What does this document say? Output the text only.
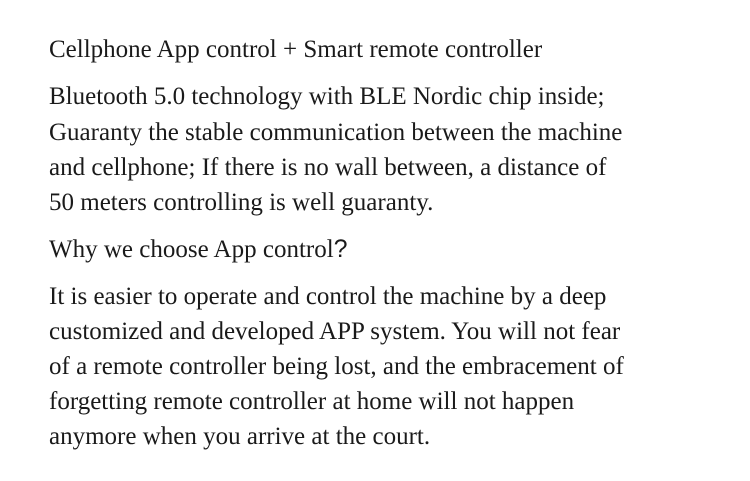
Cellphone App control + Smart remote controller
Bluetooth 5.0 technology with BLE Nordic chip inside;
Guaranty the stable communication between the machine
and cellphone; If there is no wall between, a distance of
50 meters controlling is well guaranty.
Why we choose App control?
It is easier to operate and control the machine by a deep
customized and developed APP system. You will not fear
of a remote controller being lost, and the embracement of
forgetting remote controller at home will not happen
anymore when you arrive at the court.
